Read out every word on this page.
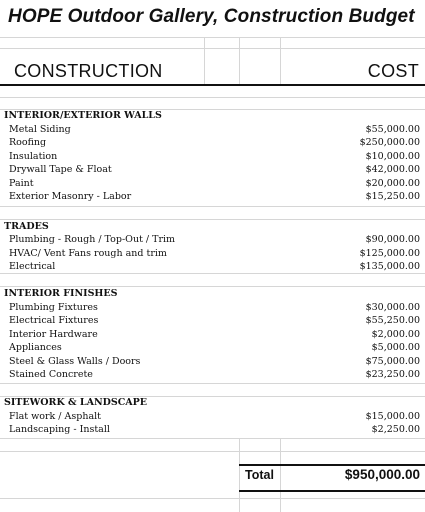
HOPE Outdoor Gallery, Construction Budget
CONSTRUCTION	COST
INTERIOR/EXTERIOR WALLS
Metal Siding	$55,000.00
Roofing	$250,000.00
Insulation	$10,000.00
Drywall Tape & Float	$42,000.00
Paint	$20,000.00
Exterior Masonry - Labor	$15,250.00
TRADES
Plumbing - Rough / Top-Out / Trim	$90,000.00
HVAC/ Vent Fans rough and trim	$125,000.00
Electrical	$135,000.00
INTERIOR FINISHES
Plumbing Fixtures	$30,000.00
Electrical Fixtures	$55,250.00
Interior Hardware	$2,000.00
Appliances	$5,000.00
Steel & Glass Walls / Doors	$75,000.00
Stained Concrete	$23,250.00
SITEWORK & LANDSCAPE
Flat work / Asphalt	$15,000.00
Landscaping - Install	$2,250.00
Total	$950,000.00
